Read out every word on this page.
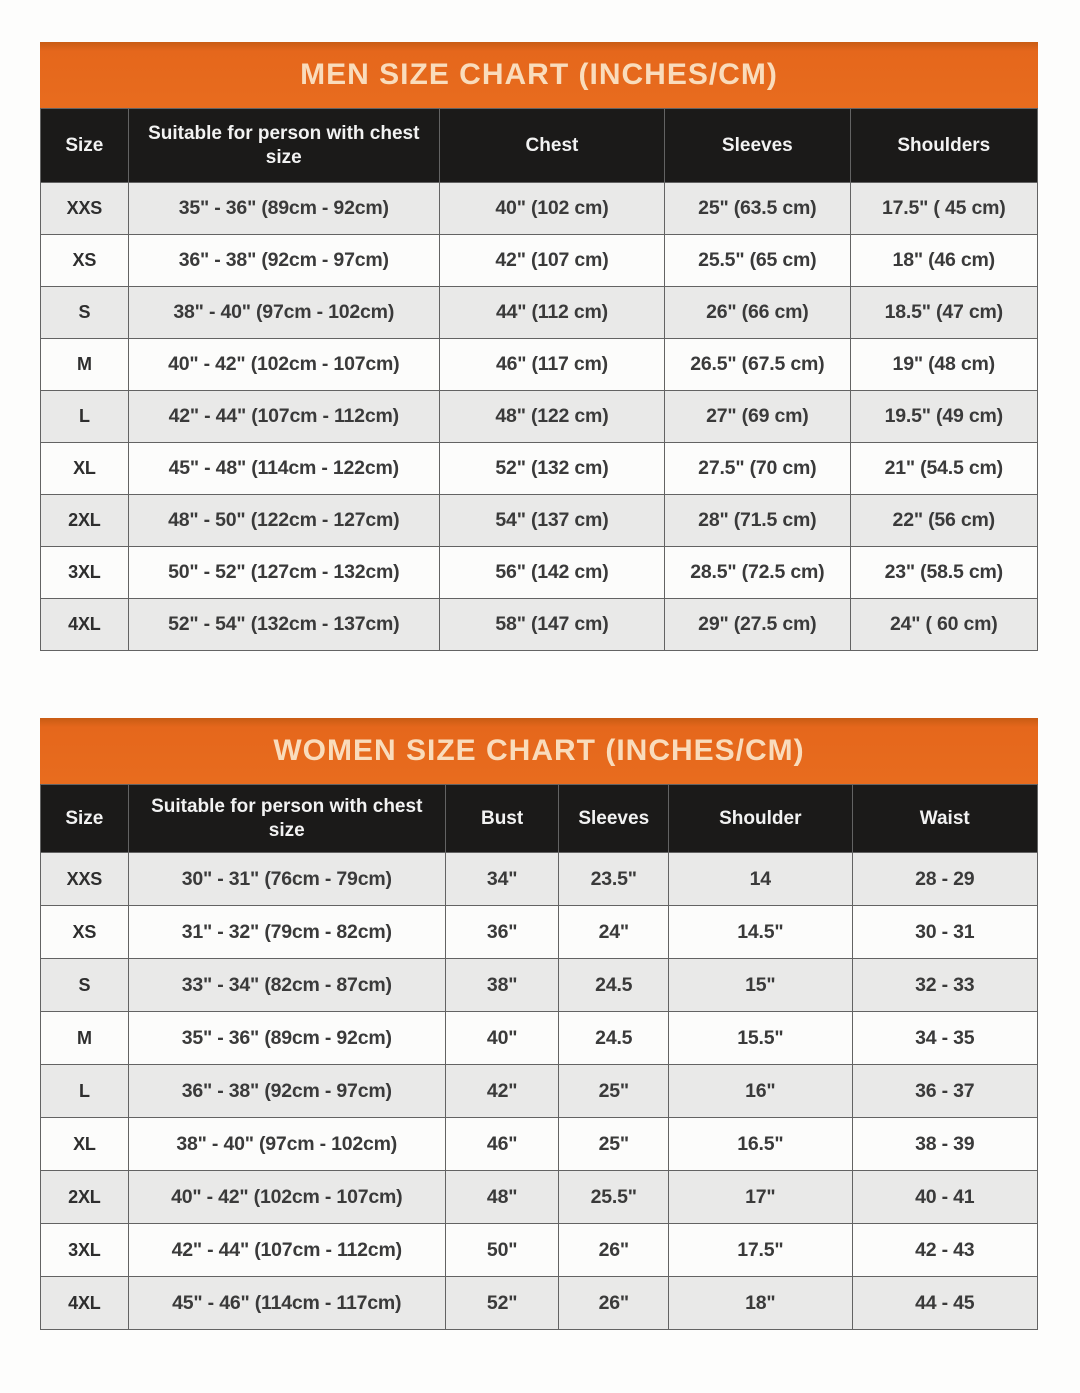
MEN SIZE CHART (INCHES/CM)
Size	Suitable for person with chest size	Chest	Sleeves	Shoulders
XXS	35" - 36" (89cm - 92cm)	40" (102 cm)	25" (63.5 cm)	17.5" ( 45 cm)
XS	36" - 38" (92cm - 97cm)	42" (107 cm)	25.5" (65 cm)	18" (46 cm)
S	38" - 40" (97cm - 102cm)	44" (112 cm)	26" (66 cm)	18.5" (47 cm)
M	40" - 42" (102cm - 107cm)	46" (117 cm)	26.5" (67.5 cm)	19" (48 cm)
L	42" - 44" (107cm - 112cm)	48" (122 cm)	27" (69 cm)	19.5" (49 cm)
XL	45" - 48" (114cm - 122cm)	52" (132 cm)	27.5" (70 cm)	21" (54.5 cm)
2XL	48" - 50" (122cm - 127cm)	54" (137 cm)	28" (71.5 cm)	22" (56 cm)
3XL	50" - 52" (127cm - 132cm)	56" (142 cm)	28.5" (72.5 cm)	23" (58.5 cm)
4XL	52" - 54" (132cm - 137cm)	58" (147 cm)	29" (27.5 cm)	24" ( 60 cm)
WOMEN SIZE CHART (INCHES/CM)
Size	Suitable for person with chest size	Bust	Sleeves	Shoulder	Waist
XXS	30" - 31" (76cm - 79cm)	34"	23.5"	14	28 - 29
XS	31" - 32" (79cm - 82cm)	36"	24"	14.5"	30 - 31
S	33" - 34" (82cm - 87cm)	38"	24.5	15"	32 - 33
M	35" - 36" (89cm - 92cm)	40"	24.5	15.5"	34 - 35
L	36" - 38" (92cm - 97cm)	42"	25"	16"	36 - 37
XL	38" - 40" (97cm - 102cm)	46"	25"	16.5"	38 - 39
2XL	40" - 42" (102cm - 107cm)	48"	25.5"	17"	40 - 41
3XL	42" - 44" (107cm - 112cm)	50"	26"	17.5"	42 - 43
4XL	45" - 46" (114cm - 117cm)	52"	26"	18"	44 - 45
